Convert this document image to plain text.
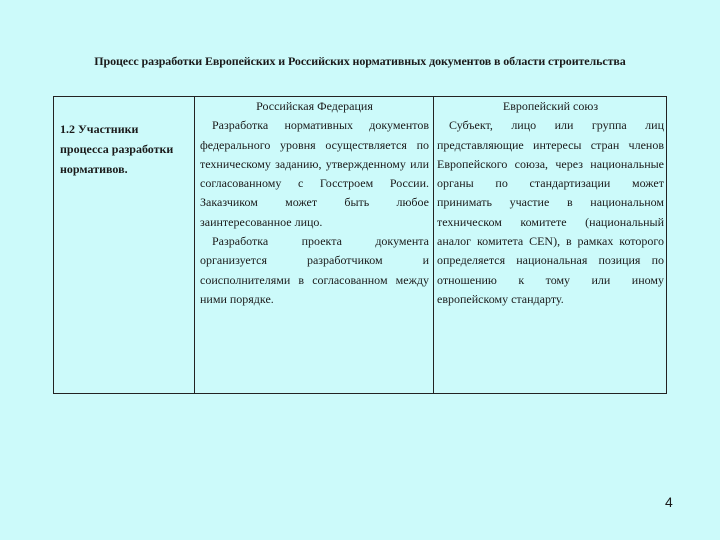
Процесс разработки Европейских и Российских нормативных документов в области строительства
1.2 Участники процесса разработки нормативов.
Российская Федерация
Разработка нормативных документов федерального уровня осуществляется по техническому заданию, утвержденному или согласованному с Госстроем России. Заказчиком может быть любое заинтересованное лицо.
Разработка проекта документа организуется разработчиком и соисполнителями в согласованном между ними порядке.
Европейский союз
Субъект, лицо или группа лиц представляющие интересы стран членов Европейского союза, через национальные органы по стандартизации может принимать участие в национальном техническом комитете (национальный аналог комитета CEN), в рамках которого определяется национальная позиция по отношению к тому или иному европейскому стандарту.
4
